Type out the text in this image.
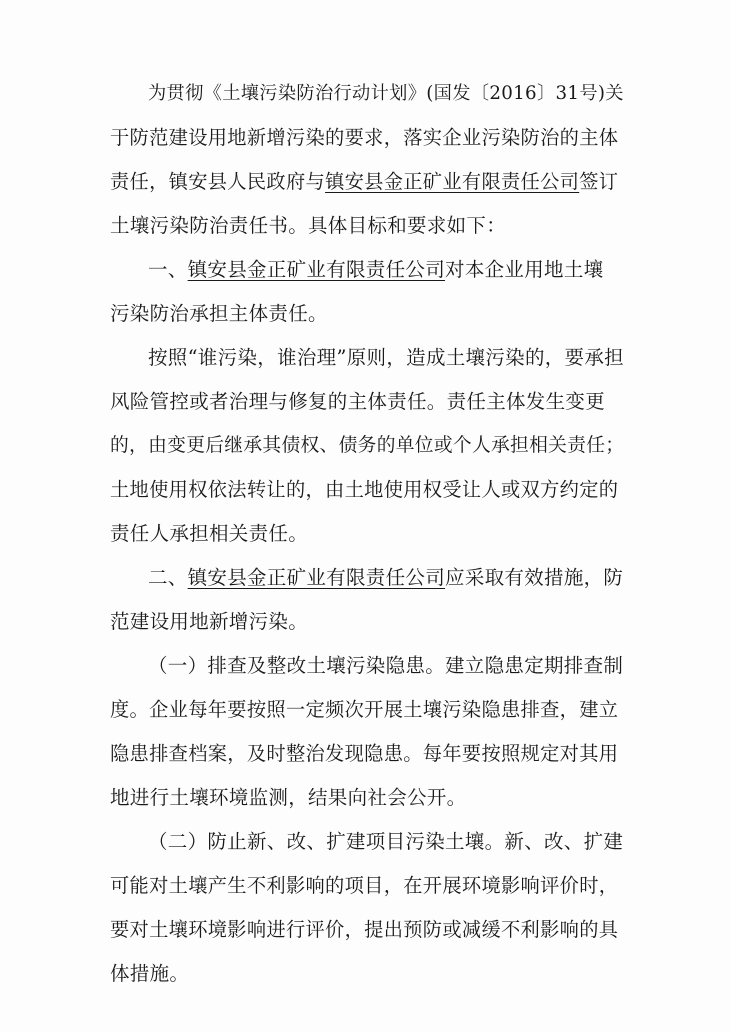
为贯彻《土壤污染防治行动计划》(国发〔2016〕31号)关
于防范建设用地新增污染的要求，落实企业污染防治的主体
责任，镇安县人民政府与镇安县金正矿业有限责任公司签订
土壤污染防治责任书。具体目标和要求如下：
一、镇安县金正矿业有限责任公司对本企业用地土壤
污染防治承担主体责任。
按照“谁污染，谁治理”原则，造成土壤污染的，要承担
风险管控或者治理与修复的主体责任。责任主体发生变更
的，由变更后继承其债权、债务的单位或个人承担相关责任；
土地使用权依法转让的，由土地使用权受让人或双方约定的
责任人承担相关责任。
二、镇安县金正矿业有限责任公司应采取有效措施，防
范建设用地新增污染。
（一）排查及整改土壤污染隐患。建立隐患定期排查制
度。企业每年要按照一定频次开展土壤污染隐患排查，建立
隐患排查档案，及时整治发现隐患。每年要按照规定对其用
地进行土壤环境监测，结果向社会公开。
（二）防止新、改、扩建项目污染土壤。新、改、扩建
可能对土壤产生不利影响的项目，在开展环境影响评价时，
要对土壤环境影响进行评价，提出预防或减缓不利影响的具
体措施。
